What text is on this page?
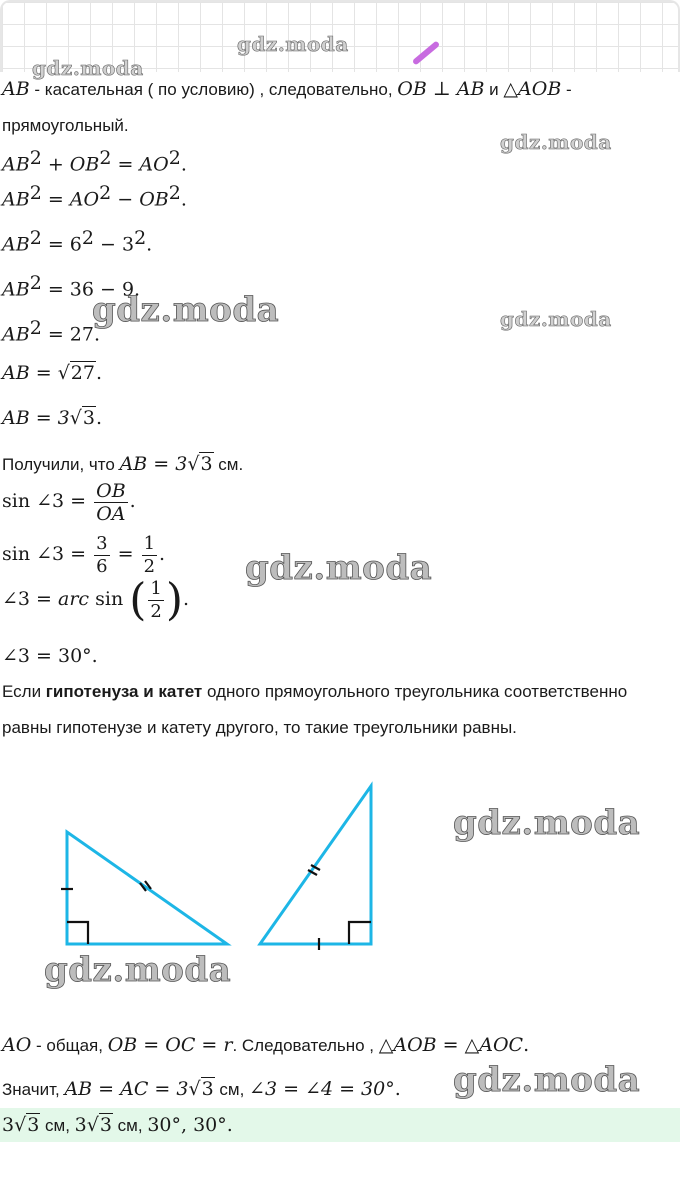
gdz.moda
gdz.moda
gdz.moda
gdz.moda
AB - касательная ( по условию) , следовательно, OB ⊥ AB и △AOB -
прямоугольный.
$AB^2 + OB^2 = AO^2$.
$AB^2 = AO^2 - OB^2$.
$AB^2 = 6^2 - 3^2$.
$AB^2 = 36 - 9$.
$AB^2 = 27$.
gdz.moda
AB = √27.
AB = 3√3.
Получили, что AB = 3√3 см.
sin ∠3 = $\frac{OB}{OA}$ .
sin ∠3 = $\frac{3}{6} = \frac{1}{2}$ . gdz.moda
∠3 = arc sin ( $\frac{1}{2}$ ).
∠3 = 30°.
Если гипотенуза и катет одного прямоугольного треугольника соответственно
равны гипотенузе и катету другого, то такие треугольники равны.
gdz.moda
gdz.moda
AO - общая, OB = OC = r. Следовательно , △AOB = △AOC.
Значит, AB = AC = 3√3 см, ∠3 = ∠4 = 30°. gdz.moda
3√3 см, 3√3 см, 30°, 30°.
